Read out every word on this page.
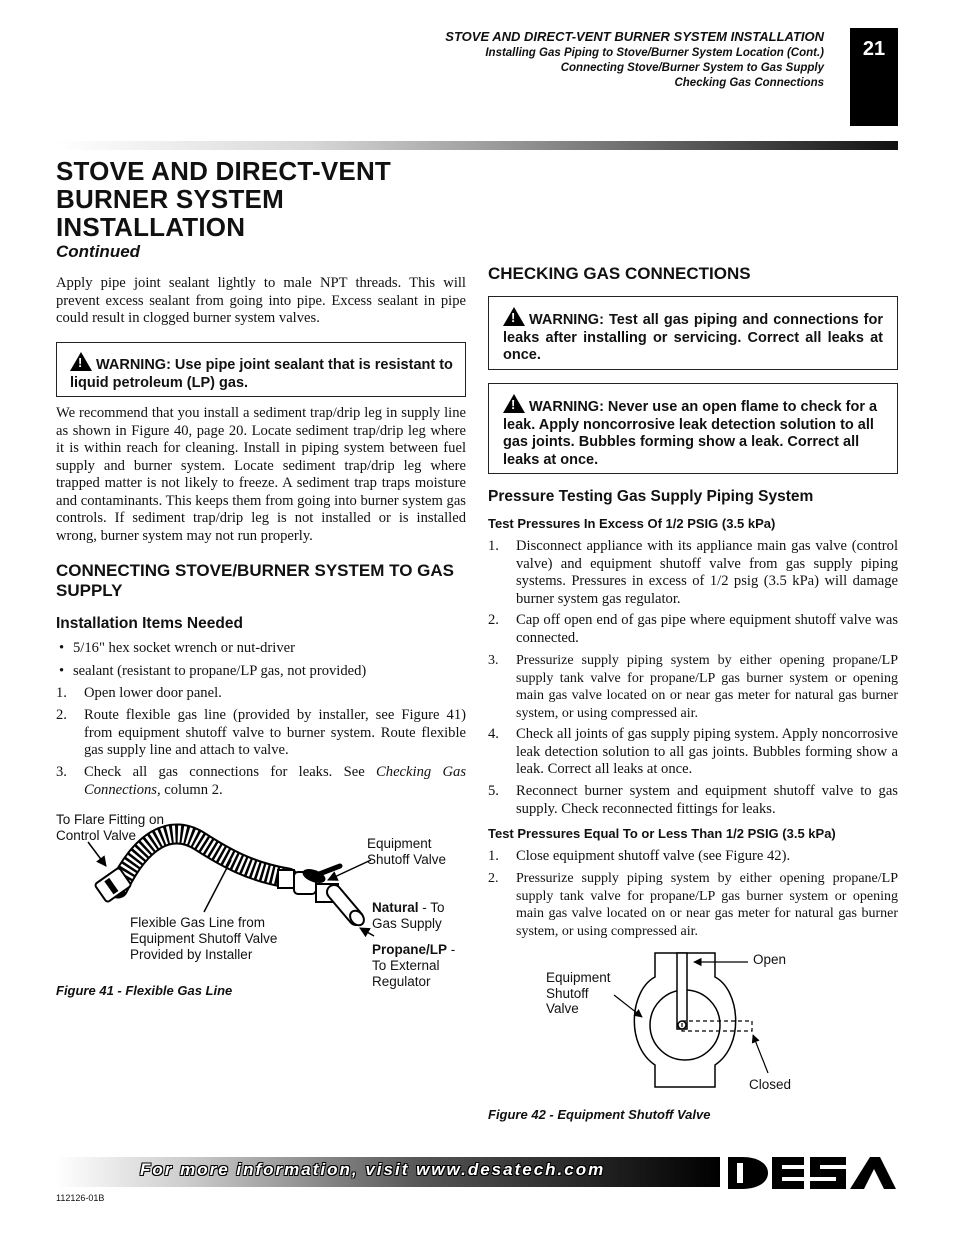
STOVE AND DIRECT-VENT BURNER SYSTEM INSTALLATION
Installing Gas Piping to Stove/Burner System Location (Cont.)
Connecting Stove/Burner System to Gas Supply
Checking Gas Connections
21
STOVE AND DIRECT-VENT
BURNER SYSTEM
INSTALLATION
Continued
Apply pipe joint sealant lightly to male NPT threads. This will prevent excess sealant from going into pipe. Excess sealant in pipe could result in clogged burner system valves.
!WARNING: Use pipe joint sealant that is resistant to liquid petroleum (LP) gas.
We recommend that you install a sediment trap/drip leg in supply line as shown in Figure 40, page 20. Locate sediment trap/drip leg where it is within reach for cleaning. Install in piping system between fuel supply and burner system. Locate sediment trap/drip leg where trapped matter is not likely to freeze. A sediment trap traps moisture and contaminants. This keeps them from going into burner system gas controls. If sediment trap/drip leg is not installed or is installed wrong, burner system may not run properly.
CONNECTING STOVE/BURNER SYSTEM TO GAS SUPPLY
Installation Items Needed
• 5/16" hex socket wrench or nut-driver
• sealant (resistant to propane/LP gas, not provided)
1.	Open lower door panel.
2.	Route flexible gas line (provided by installer, see Figure 41) from equipment shutoff valve to burner system. Route flexible gas supply line and attach to valve.
3.	Check all gas connections for leaks. See Checking Gas Connections, column 2.
To Flare Fitting on
Control Valve
Equipment
Shutoff Valve
Natural - To
Gas Supply
Propane/LP -
To External
Regulator
Flexible Gas Line from
Equipment Shutoff Valve
Provided by Installer
Figure 41 - Flexible Gas Line
CHECKING GAS CONNECTIONS
!WARNING: Test all gas piping and connections for leaks after installing or servicing. Correct all leaks at once.
!WARNING: Never use an open flame to check for a leak. Apply noncorrosive leak detection solution to all gas joints. Bubbles forming show a leak. Correct all leaks at once.
Pressure Testing Gas Supply Piping System
Test Pressures In Excess Of 1/2 PSIG (3.5 kPa)
1.	Disconnect appliance with its appliance main gas valve (control valve) and equipment shutoff valve from gas supply piping systems. Pressures in excess of 1/2 psig (3.5 kPa) will damage burner system gas regulator.
2.	Cap off open end of gas pipe where equipment shutoff valve was connected.
3.	Pressurize supply piping system by either opening propane/LP supply tank valve for propane/LP gas burner system or opening main gas valve located on or near gas meter for natural gas burner system, or using compressed air.
4.	Check all joints of gas supply piping system. Apply noncorrosive leak detection solution to all gas joints. Bubbles forming show a leak. Correct all leaks at once.
5.	Reconnect burner system and equipment shutoff valve to gas supply. Check reconnected fittings for leaks.
Test Pressures Equal To or Less Than 1/2 PSIG (3.5 kPa)
1.	Close equipment shutoff valve (see Figure 42).
2.	Pressurize supply piping system by either opening propane/LP supply tank valve for propane/LP gas burner system or opening main gas valve located on or near gas meter for natural gas burner system, or using compressed air.
Open
Equipment
Shutoff
Valve
Closed
Figure 42 - Equipment Shutoff Valve
For more information, visit www.desatech.com
112126-01B
